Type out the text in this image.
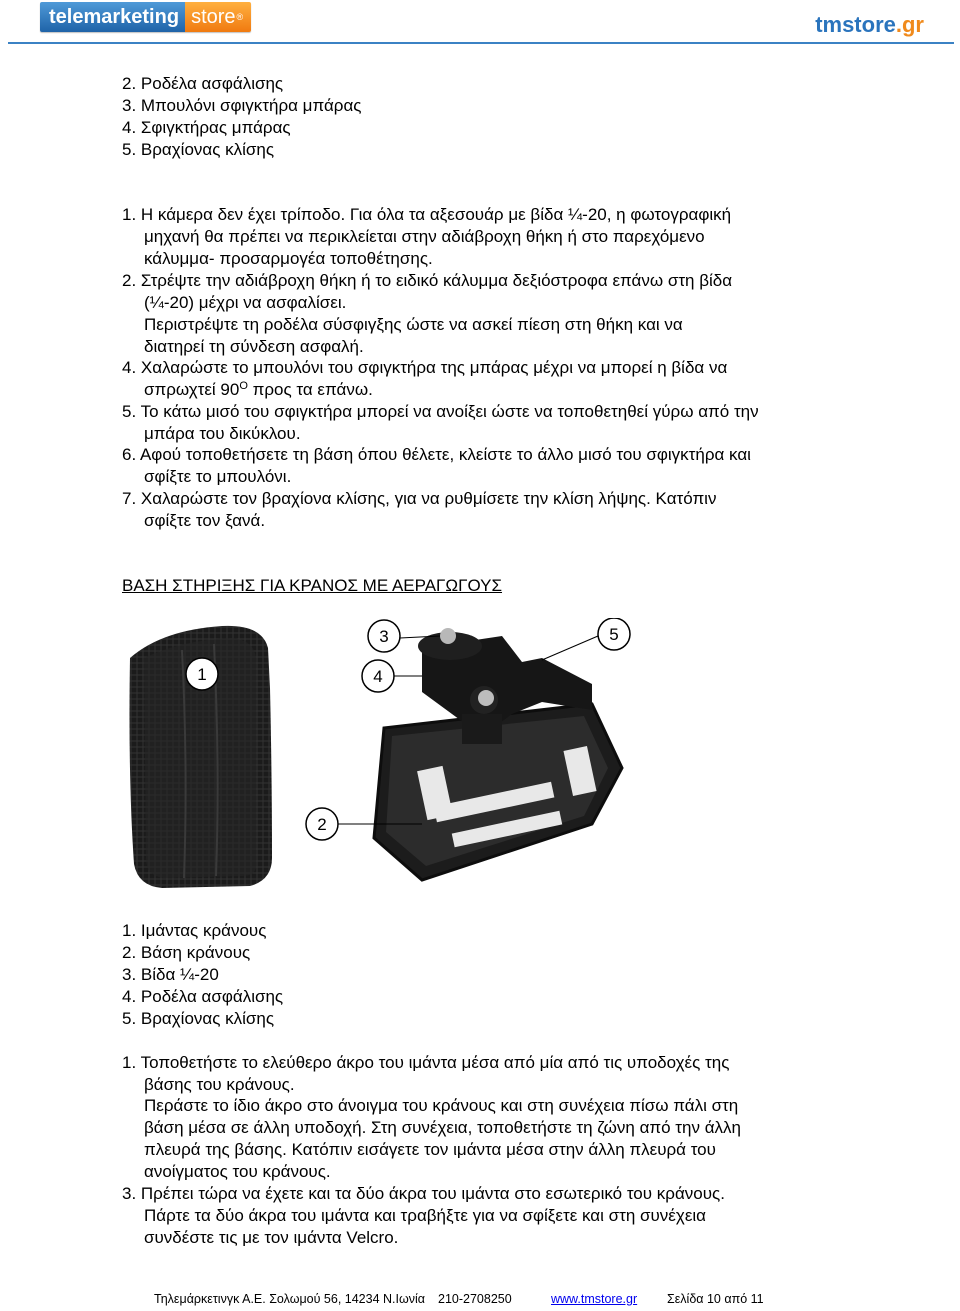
telemarketing store®	tmstore.gr
2. Ροδέλα ασφάλισης
3. Μπουλόνι σφιγκτήρα μπάρας
4. Σφιγκτήρας μπάρας
5. Βραχίονας κλίσης
1. Η κάμερα δεν έχει τρίποδο. Για όλα τα αξεσουάρ με βίδα ¼-20, η φωτογραφική
μηχανή θα πρέπει να περικλείεται στην αδιάβροχη θήκη ή στο παρεχόμενο
κάλυμμα- προσαρμογέα τοποθέτησης.
2. Στρέψτε την αδιάβροχη θήκη ή το ειδικό κάλυμμα δεξιόστροφα επάνω στη βίδα
(¼-20) μέχρι να ασφαλίσει.
Περιστρέψτε τη ροδέλα σύσφιγξης ώστε να ασκεί πίεση στη θήκη και να
διατηρεί τη σύνδεση ασφαλή.
4. Χαλαρώστε το μπουλόνι του σφιγκτήρα της μπάρας μέχρι να μπορεί η βίδα να
σπρωχτεί $90^O$ προς τα επάνω.
5. Το κάτω μισό του σφιγκτήρα μπορεί να ανοίξει ώστε να τοποθετηθεί γύρω από την
μπάρα του δικύκλου.
6. Αφού τοποθετήσετε τη βάση όπου θέλετε, κλείστε το άλλο μισό του σφιγκτήρα και
σφίξτε το μπουλόνι.
7. Χαλαρώστε τον βραχίονα κλίσης, για να ρυθμίσετε την κλίση λήψης. Κατόπιν
σφίξτε τον ξανά.
ΒΑΣΗ ΣΤΗΡΙΞΗΣ ΓΙΑ ΚΡΑΝΟΣ ΜΕ ΑΕΡΑΓΩΓΟΥΣ
1
2
3
4
5
1. Ιμάντας κράνους
2. Βάση κράνους
3. Βίδα ¼-20
4. Ροδέλα ασφάλισης
5. Βραχίονας κλίσης
1. Τοποθετήστε το ελεύθερο άκρο του ιμάντα μέσα από μία από τις υποδοχές της
βάσης του κράνους.
Περάστε το ίδιο άκρο στο άνοιγμα του κράνους και στη συνέχεια πίσω πάλι στη
βάση μέσα σε άλλη υποδοχή. Στη συνέχεια, τοποθετήστε τη ζώνη από την άλλη
πλευρά της βάσης. Κατόπιν εισάγετε τον ιμάντα μέσα στην άλλη πλευρά του
ανοίγματος του κράνους.
3. Πρέπει τώρα να έχετε και τα δύο άκρα του ιμάντα στο εσωτερικό του κράνους.
Πάρτε τα δύο άκρα του ιμάντα και τραβήξτε για να σφίξετε και στη συνέχεια
συνδέστε τις με τον ιμάντα Velcro.
Τηλεμάρκετινγκ Α.Ε. Σολωμού 56, 14234 Ν.Ιωνία 210-2708250	www.tmstore.gr Σελίδα 10 από 11
